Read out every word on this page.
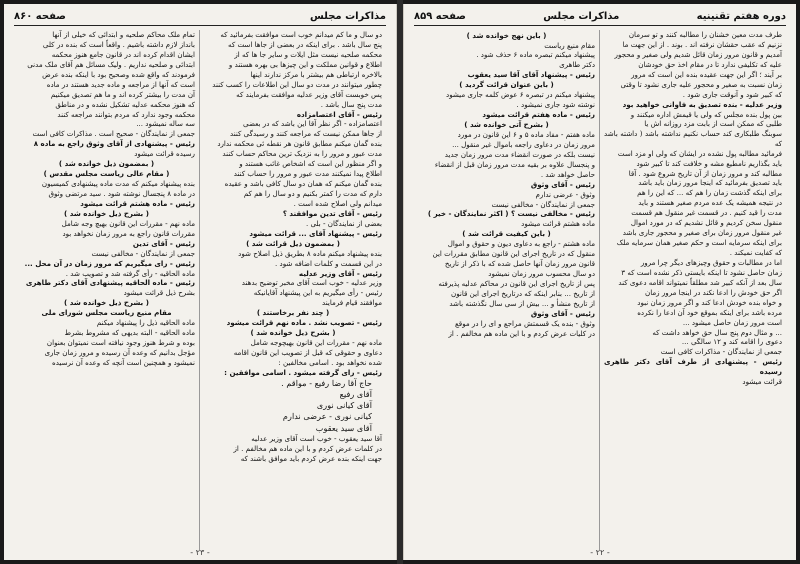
مذاکرات مجلس
صفحه ۸۶۰

دو سال و ما کم میدانم خوب است موافقت بفرمائید که

پنج سال باشد . برای اینکه در بعضی از جاها است که

محکمه صلحیه نیست مثل ایلات و سایر جا ها که از

اطلاع و قوانین مملکت و این چیزها بی بهره هستند و

بالاخره ارتباطی هم بیشتر با مرکز ندارند اینها

چطور میتوانند در مدت دو سال این اطلاعات را کسب کنند

پس خوبست آقای وزیر عدلیه موافقت بفرمایند که

مدت پنج سال باشد .

رئیس - آقای اعتصامزاده

اعتصامزاده - اگر نظر آقا این باشد که در بعضی

از جاها ممکن نیست که مراجعه کنند و رسیدگی کنند

بنده گمان میکنم مطابق قانون هر نقطه ئی محکمه ندارد

مدت عبور و مرور را به نزدیک ترین محاکم حساب کنند

و اگر منظور این است که اشخاص غائب هستند و

اطلاع پیدا نمیکنند مدت عبور و مرور را حساب کنند

بنده گمان میکنم که همان دو سال کافی باشد و عقیده

دارم که مدت را کمتر بکنیم و دو سال را هم کم

میدانم ولی اصلاح شده است .

رئیس - آقای تدین موافقند ؟

بعضی از نمایندگان - بلی .

رئیس - پیشنهاد آقای ... قرائت میشود

( بمضمون ذیل قرائت شد )

بنده پیشنهاد میکنم ماده ۸ بطریق ذیل اصلاح شود

در این قسمت و کلمات اضافه شود .

رئیس - آقای وزیر عدلیه

وزیر عدلیه - خوب است آقای مخبر توضیح بدهند

رئیس - رأی میگیریم به این پیشنهاد آقایانیکه

موافقند قیام فرمایند

( چند نفر برخاستند )

رئیس - تصویب نشد . ماده نهم قرائت میشود

( بشرح ذیل خوانده شد )

ماده نهم - مقررات این قانون بهیچوجه شامل

دعاوی و حقوقی که قبل از تصویب این قانون اقامه

شده نخواهد بود . اسامی مخالفین :

رئیس - رای گرفته میشود . اسامی موافقین :

حاج آقا رضا رفیع - مواقم .

آقای رفیع

آقای کیانی نوری

کیانی نوری - عرضی ندارم

آقای سید یعقوب

آقا سید یعقوب - خوب است آقای وزیر عدلیه

در کلمات عرض کردم و با این ماده هم مخالفم . از

جهت اینکه بنده عرض کردم باید موافق باشند که

تمام ملک محاکم صلحیه و ابتدائی که خیلی از آنها

بانداز لازم داشته باشیم . واقعاً است که بنده در کلی

ایشان اقدام کرده اند در قانون جامع هنوز محکمه

ابتدائی و صلحیه نداریم . ولیک مسائل هم آقای ملک مدنی

فرمودند که واقع شده وصحیح بود با اینکه بنده عرض

است که آنها از مراجعه و ماده جدید هستند در ماده

آن مدت را بیشتر کرده اند و ما هم تصدیق میکنیم

که هنوز محکمه عدلیه تشکیل نشده و در مناطق

محکمه وجود ندارد که مردم بتوانند مراجعه کنند

سه ساله نمیشود ...

جمعی از نمایندگان - صحیح است . مذاکرات کافی است

رئیس - پیشنهادی از آقای وثوق راجع به ماده ۸

رسیده قرائت میشود

( بمضمون ذیل خوانده شد )

( مقام عالی ریاست مجلس مقدس )

بنده پیشنهاد میکنم که مدت ماده پیشنهادی کمیسیون

در ماده ۸ پنجسال نوشته شود . سید مرتضی وثوق

رئیس - ماده هشتم قرائت میشود

( بشرح ذیل خوانده شد )

ماده نهم - مقررات این قانون بهیچ وجه شامل

مقررات قانون راجع به مرور زمان نخواهد بود

رئیس - آقای تدین

جمعی از نمایندگان - مخالفی نیست

رئیس - رای میگیریم که مرور زمان در آن محل ...

ماده الحاقیه - رأی گرفته شد و تصویب شد .

رئیس - ماده الحاقیه پیشنهادی آقای دکتر طاهری

بشرح ذیل قرائت میشود

( بشرح ذیل خوانده شد )

مقام منیع ریاست مجلس شورای ملی

ماده الحاقیه ذیل را پیشنهاد میکنم

ماده الحاقیه - البته بدیهی که مشروط بشرط

بوده و شرط هنوز وجود نیافته است نمیتوان بعنوان

مؤجل بدانیم که وعده آن رسیده و مرور زمان جاری

نمیشود و همچنین است آنچه که وعده آن نرسیده

- ۲۳ -
دوره هفتم تقنینیه
مذاکرات مجلس
صفحه ۸۵۹

طرف مدت معین خشنان را مطالبه کنند و تو سرمان

نزنیم که عقب حقشان نرفته اند . بوند . از این جهت ما

آمدیم و قانون مرور زمان قائل شدیم ولی صغیر و محجور

علیه که تکلیفی ندارد تا در مقام اخذ حق خودشان

بر آیند ؛ اگر این جهت عقیده بنده این است که مرور

زمان نسبت به صغیر و محجور علیه جاری نشود تا وقتی

که کبیر شود و آنوقت جاری شود .

وزیر عدلیه - بنده تصدیق به فاوانی خواهید بود

بین پول بنده مجلس که ولی یا قیمش اداره میکنند و

طلبی که ممکن است از بابت مزد روزانه اش یا

سوبنگ طلبکاری کند حساب نکنیم نداشته باشد ( داشته باشد که

فرمائید مطالبه پول نشده در ایشان که ولی او مزد است

باید بگذاریم نامطیع مشه و خلافت کند تا کبیر شود

مطالبه کند و مرور زمان از آن تاریخ شروع شود . آقا

باید تصدیق بفرمائید که اینجا مرور زمان باید باشد

برای اینکه گذشت زمان را هم که ... که این را هم

در نتیجه همیشه یک عده مردم صغیر هستند و باید

مدت را قید کنیم . در قسمت غیر منقول هم قسمت

منقول سخن کردیم و قائل نشدیم که در مورد اموال

غیر منقول مرور زمان برای صغیر و محجور جاری باشد

برای اینکه سرمایه است و حکم صغیر همان سرمایه ملک

که کفایت نمیکند .

اما در مطالبات و حقوق وچیزهای دیگر چرا مرور

زمان حاصل نشود تا اینکه بایستی ذکر نشده است که ۳

سال بعد از آنکه کبیر شد مطلقاً نمیتواند اقامه دعوی کند

اگر حق خودش را ادعا نکند در اینجا مرور زمان

و خواه بنده خودش ادعا کند و اگر مرور زمان نبود

مرده باشد برای اینکه بموقع خود آن ادعا را نکرده

است مرور زمان حاصل میشود ...

... و مثال دوم پنج سال حق خواهد داشت که

دعوی را اقامه کند و ۱۲ سالگی ...

جمعی از نمایندگان - مذاکرات کافی است

رئیس - پیشنهادی از طرف آقای دکتر طاهری رسیده

قرائت میشود

( باین نهج خوانده شد )

مقام منیع ریاست

پیشنهاد میکنم تبصره ماده ۶ حذف شود .

دکتر طاهری

رئیس - پیشنهاد آقای آقا سید یعقوب

( باین عنوان قرائت گردید )

پیشنهاد میکنم در تبصره ۶ عوض کلمه جاری میشود

نوشته شود جاری نمیشود .

رئیس - ماده هفتم قرائت میشود

( بشرح آتی خوانده شد )

ماده هفتم - مفاد ماده ۵ و ۶ این قانون در مورد

مرور زمان در دعاوی راجعه باموال غیر منقول ...

نیست بلکه در صورت انقضاء مدت مرور زمان جدید

و پنجسال علاوه بر بقیه مدت مرور زمان قبل از انقضاء

حاصل خواهد شد .

رئیس - آقای وثوق

وثوق - عرضی ندارم

جمعی از نمایندگان - مخالفی نیست

رئیس - مخالفی نیست ؟ ( اکثر نمایندگان - خیر )

ماده هشتم قرائت میشود

( باین کیفیت قرائت شد )

ماده هشتم - راجع به دعاوی دیون و حقوق و اموال

منقول که در تاریخ اجرای این قانون مطابق مقررات این

قانون مرور زمان آنها حاصل شده که با ذکر از تاریخ

دو سال محسوب مرور زمان نمیشود

پس از تاریخ اجرای این قانون در محاکم عدلیه پذیرفته

از تاریخ ... بنابر اینکه که درتاریخ اجرای این قانون

از تاریخ منشأ و ... بیش از سی سال نگذشته باشد

رئیس - آقای وثوق

وثوق - بنده یک قسمتش مراجع و ای را در موقع

در کلیات عرض کردم و با این ماده هم مخالفم . از

- ۲۲ -
